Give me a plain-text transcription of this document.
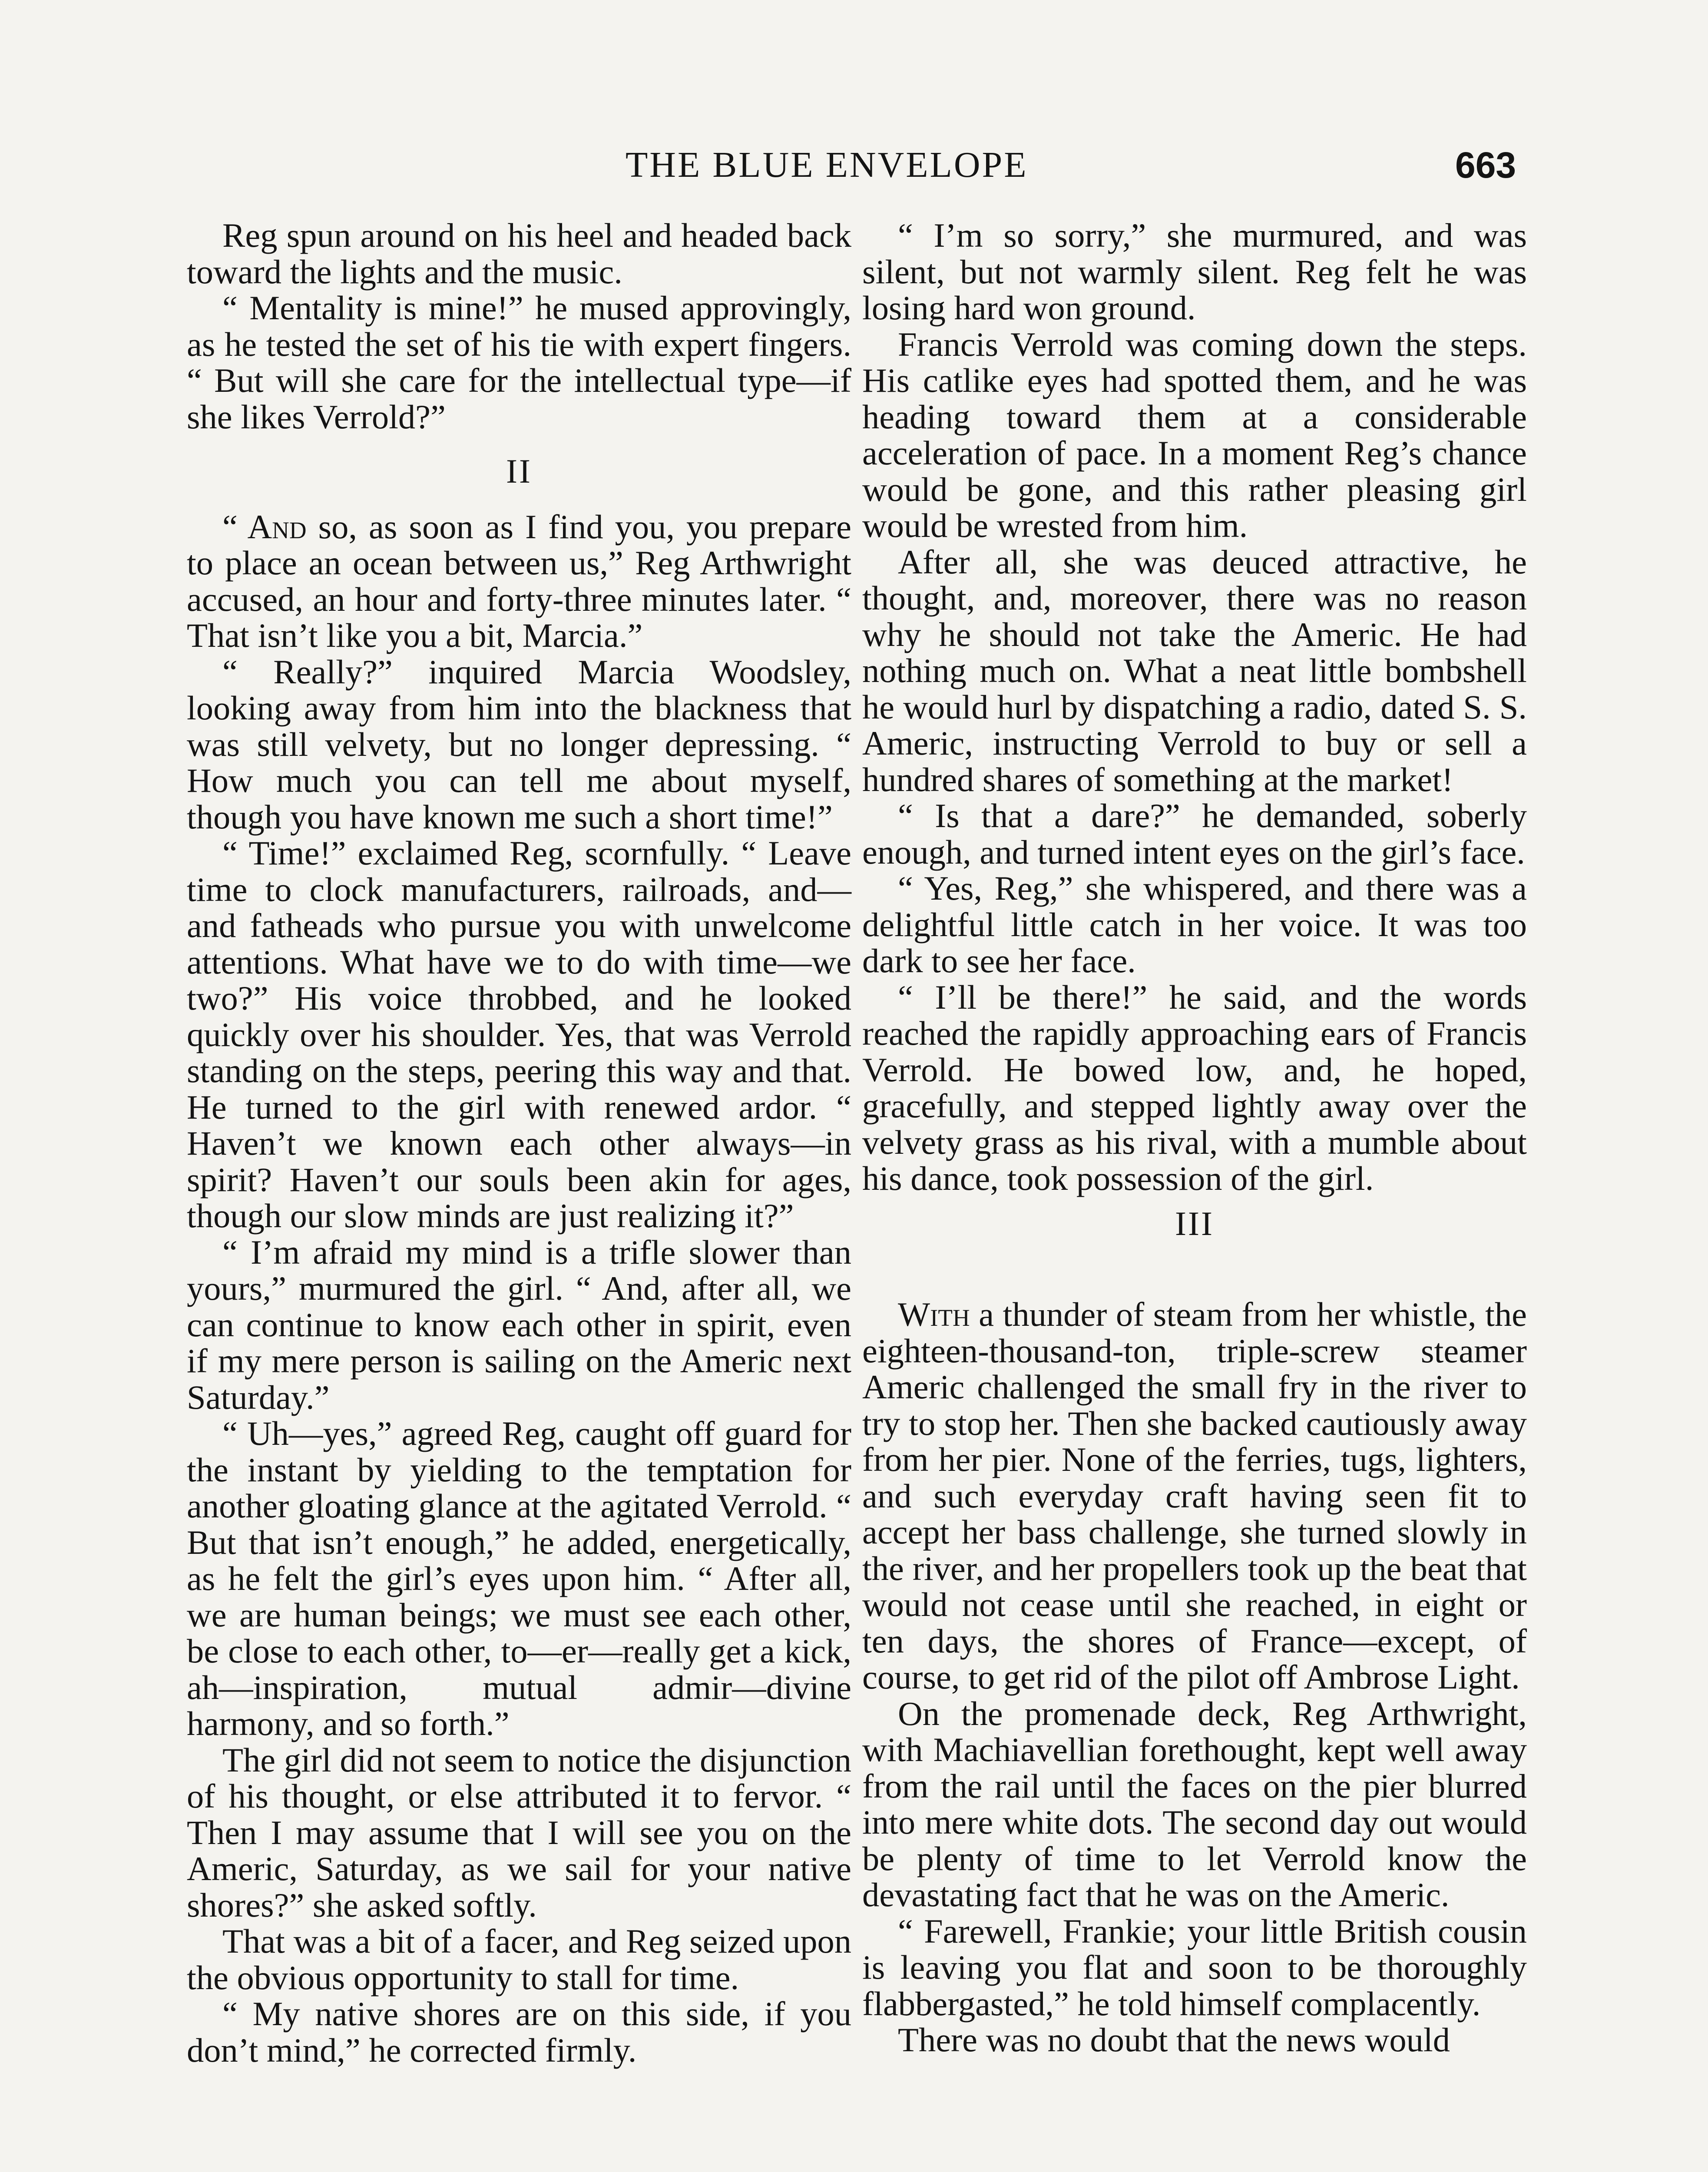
THE BLUE ENVELOPE	663

Reg spun around on his heel and headed back toward the lights and the music.

“ Mentality is mine!” he mused approvingly, as he tested the set of his tie with expert fingers. “ But will she care for the intellectual type—if she likes Verrold?”

II

“ And so, as soon as I find you, you prepare to place an ocean between us,” Reg Arthwright accused, an hour and forty-three minutes later. “ That isn’t like you a bit, Marcia.”

“ Really?” inquired Marcia Woodsley, looking away from him into the blackness that was still velvety, but no longer depressing. “ How much you can tell me about myself, though you have known me such a short time!”

“ Time!” exclaimed Reg, scornfully. “ Leave time to clock manufacturers, railroads, and—and fatheads who pursue you with unwelcome attentions. What have we to do with time—we two?” His voice throbbed, and he looked quickly over his shoulder. Yes, that was Verrold standing on the steps, peering this way and that. He turned to the girl with renewed ardor. “ Haven’t we known each other always—in spirit? Haven’t our souls been akin for ages, though our slow minds are just realizing it?”

“ I’m afraid my mind is a trifle slower than yours,” murmured the girl. “ And, after all, we can continue to know each other in spirit, even if my mere person is sailing on the Americ next Saturday.”

“ Uh—yes,” agreed Reg, caught off guard for the instant by yielding to the temptation for another gloating glance at the agitated Verrold. “ But that isn’t enough,” he added, energetically, as he felt the girl’s eyes upon him. “ After all, we are human beings; we must see each other, be close to each other, to—er—really get a kick, ah—inspiration, mutual admir—divine harmony, and so forth.”

The girl did not seem to notice the disjunction of his thought, or else attributed it to fervor. “ Then I may assume that I will see you on the Americ, Saturday, as we sail for your native shores?” she asked softly.

That was a bit of a facer, and Reg seized upon the obvious opportunity to stall for time.

“ My native shores are on this side, if you don’t mind,” he corrected firmly.

“ I’m so sorry,” she murmured, and was silent, but not warmly silent. Reg felt he was losing hard won ground.

Francis Verrold was coming down the steps. His catlike eyes had spotted them, and he was heading toward them at a considerable acceleration of pace. In a moment Reg’s chance would be gone, and this rather pleasing girl would be wrested from him.

After all, she was deuced attractive, he thought, and, moreover, there was no reason why he should not take the Americ. He had nothing much on. What a neat little bombshell he would hurl by dispatching a radio, dated S. S. Americ, instructing Verrold to buy or sell a hundred shares of something at the market!

“ Is that a dare?” he demanded, soberly enough, and turned intent eyes on the girl’s face.

“ Yes, Reg,” she whispered, and there was a delightful little catch in her voice. It was too dark to see her face.

“ I’ll be there!” he said, and the words reached the rapidly approaching ears of Francis Verrold. He bowed low, and, he hoped, gracefully, and stepped lightly away over the velvety grass as his rival, with a mumble about his dance, took possession of the girl.

III

With a thunder of steam from her whistle, the eighteen-thousand-ton, triple-screw steamer Americ challenged the small fry in the river to try to stop her. Then she backed cautiously away from her pier. None of the ferries, tugs, lighters, and such everyday craft having seen fit to accept her bass challenge, she turned slowly in the river, and her propellers took up the beat that would not cease until she reached, in eight or ten days, the shores of France—except, of course, to get rid of the pilot off Ambrose Light.

On the promenade deck, Reg Arthwright, with Machiavellian forethought, kept well away from the rail until the faces on the pier blurred into mere white dots. The second day out would be plenty of time to let Verrold know the devastating fact that he was on the Americ.

“ Farewell, Frankie; your little British cousin is leaving you flat and soon to be thoroughly flabbergasted,” he told himself complacently.

There was no doubt that the news would
